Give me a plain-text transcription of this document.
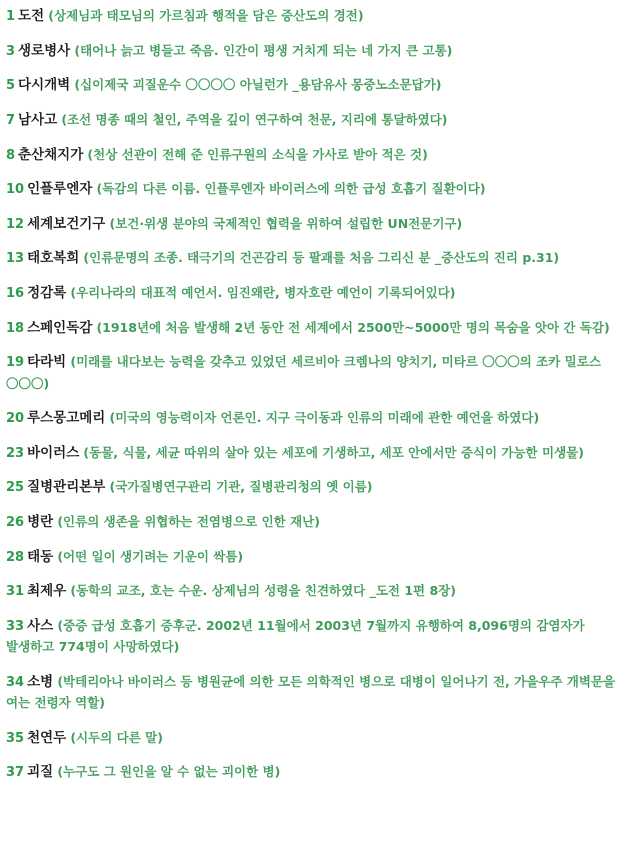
1 도전 (상제님과 태모님의 가르침과 행적을 담은 증산도의 경전)

3 생로병사 (태어나 늙고 병들고 죽음. 인간이 평생 거치게 되는 네 가지 큰 고통)

5 다시개벽 (십이제국 괴질운수 〇〇〇〇 아닐런가 _용담유사 몽중노소문답가)

7 남사고 (조선 명종 때의 철인, 주역을 깊이 연구하여 천문, 지리에 통달하였다)

8 춘산채지가 (천상 선관이 전해 준 인류구원의 소식을 가사로 받아 적은 것)

10 인플루엔자 (독감의 다른 이름. 인플루엔자 바이러스에 의한 급성 호흡기 질환이다)

12 세계보건기구 (보건·위생 분야의 국제적인 협력을 위하여 설립한 UN전문기구)

13 태호복희 (인류문명의 조종. 태극기의 건곤감리 등 팔괘를 처음 그리신 분 _증산도의 진리 p.31)

16 정감록 (우리나라의 대표적 예언서. 임진왜란, 병자호란 예언이 기록되어있다)

18 스페인독감 (1918년에 처음 발생해 2년 동안 전 세계에서 2500만~5000만 명의 목숨을 앗아 간 독감)

19 타라빅 (미래를 내다보는 능력을 갖추고 있었던 세르비아 크렘나의 양치기, 미타르 〇〇〇의 조카 밀로스 〇〇〇)

20 루스몽고메리 (미국의 영능력이자 언론인. 지구 극이동과 인류의 미래에 관한 예언을 하였다)

23 바이러스 (동물, 식물, 세균 따위의 살아 있는 세포에 기생하고, 세포 안에서만 증식이 가능한 미생물)

25 질병관리본부 (국가질병연구관리 기관, 질병관리청의 옛 이름)

26 병란 (인류의 생존을 위협하는 전염병으로 인한 재난)

28 태동 (어떤 일이 생기려는 기운이 싹틈)

31 최제우 (동학의 교조, 호는 수운. 상제님의 성령을 친견하였다 _도전 1편 8장)

33 사스 (중증 급성 호흡기 증후군. 2002년 11월에서 2003년 7월까지 유행하여 8,096명의 감염자가 발생하고 774명이 사망하였다)

34 소병 (박테리아나 바이러스 등 병원균에 의한 모든 의학적인 병으로 대병이 일어나기 전, 가을우주 개벽문을 여는 전령자 역할)

35 천연두 (시두의 다른 말)

37 괴질 (누구도 그 원인을 알 수 없는 괴이한 병)
